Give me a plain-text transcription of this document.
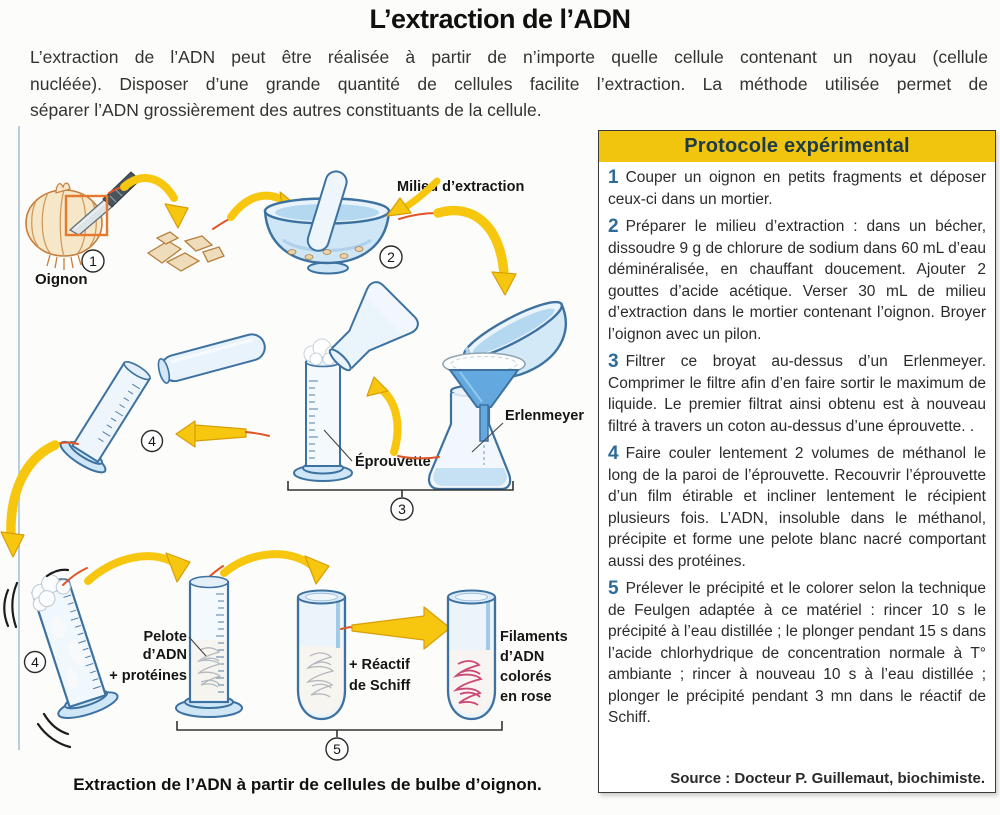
L’extraction de l’ADN
L’extraction de l’ADN peut être réalisée à partir de n’importe quelle cellule contenant un noyau (cellule
nucléée). Disposer d’une grande quantité de cellules facilite l’extraction. La méthode utilisée permet de
séparer l’ADN grossièrement des autres constituants de la cellule.
Milieu d’extraction
Erlenmeyer
Éprouvette
Pelote
d’ADN
+ protéines
+ Réactif
de Schiff
Filaments
d’ADN
colorés
en rose
1	2
3
4
4
5
Oignon
Extraction de l’ADN à partir de cellules de bulbe d’oignon.
Protocole expérimental

1 Couper un oignon en petits fragments et déposer ceux-ci dans un mortier.

2 Préparer le milieu d’extraction : dans un bécher, dissoudre 9 g de chlorure de sodium dans 60 mL d’eau déminéralisée, en chauffant doucement. Ajouter 2 gouttes d’acide acétique. Verser 30 mL de milieu d’extraction dans le mortier contenant l’oignon. Broyer l’oignon avec un pilon.

3 Filtrer ce broyat au-dessus d’un Erlenmeyer. Comprimer le filtre afin d’en faire sortir le maximum de liquide. Le premier filtrat ainsi obtenu est à nouveau filtré à travers un coton au-dessus d’une éprouvette. .

4 Faire couler lentement 2 volumes de méthanol le long de la paroi de l’éprouvette. Recouvrir l’éprouvette d’un film étirable et incliner lentement le récipient plusieurs fois. L’ADN, insoluble dans le méthanol, précipite et forme une pelote blanc nacré comportant aussi des protéines.

5 Prélever le précipité et le colorer selon la technique de Feulgen adaptée à ce matériel : rincer 10 s le précipité à l’eau distillée ; le plonger pendant 15 s dans l’acide chlorhydrique de concentration normale à T° ambiante ; rincer à nouveau 10 s à l’eau distillée ; plonger le précipité pendant 3 mn dans le réactif de Schiff.

Source : Docteur P. Guillemaut, biochimiste.
